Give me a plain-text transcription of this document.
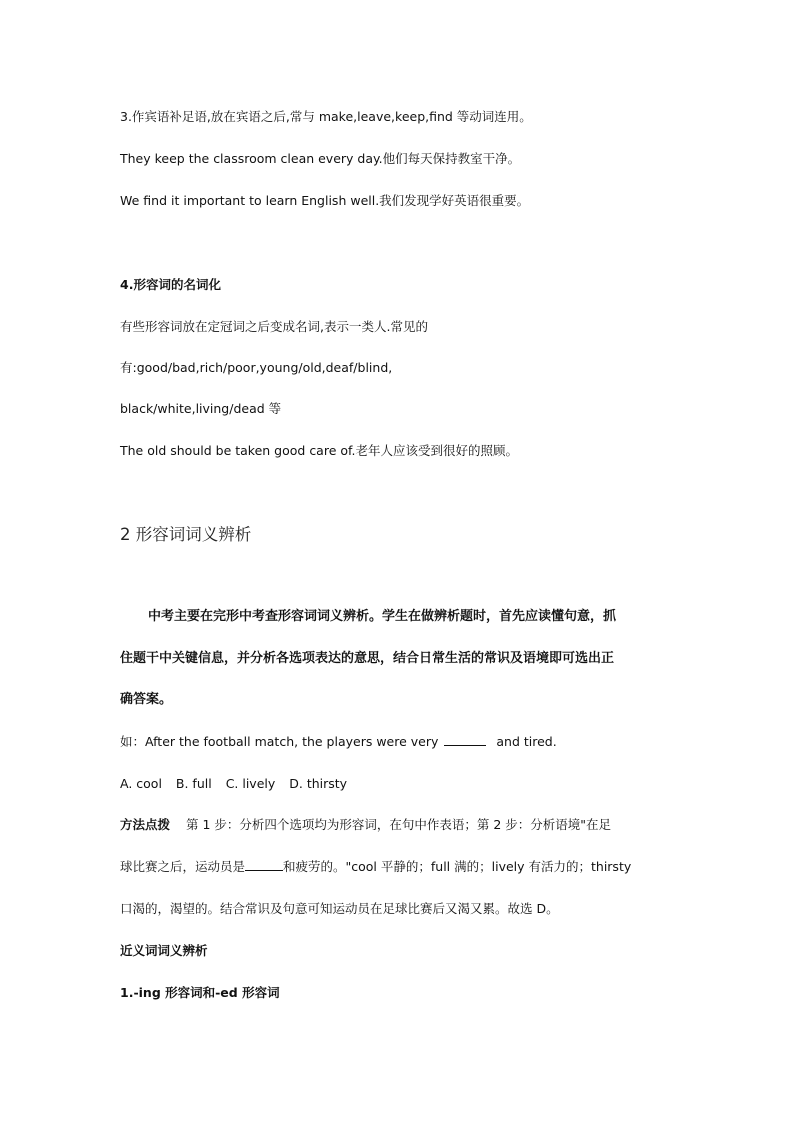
3.作宾语补足语,放在宾语之后,常与 make,leave,keep,find 等动词连用。
They keep the classroom clean every day.他们每天保持教室干净。
We find it important to learn English well.我们发现学好英语很重要。
4.形容词的名词化
有些形容词放在定冠词之后变成名词,表示一类人.常见的
有:good/bad,rich/poor,young/old,deaf/blind,
black/white,living/dead 等
The old should be taken good care of.老年人应该受到很好的照顾。
2 形容词词义辨析
中考主要在完形中考查形容词词义辨析。学生在做辨析题时，首先应读懂句意，抓
住题干中关键信息，并分析各选项表达的意思，结合日常生活的常识及语境即可选出正
确答案。
如：After the football match, the players were very	and tired.
A. cool B. full C. lively D. thirsty
方法点拨 第 1 步：分析四个选项均为形容词，在句中作表语；第 2 步：分析语境"在足
球比赛之后，运动员是	和疲劳的。"cool 平静的；full 满的；lively 有活力的；thirsty
口渴的，渴望的。结合常识及句意可知运动员在足球比赛后又渴又累。故选 D。
近义词词义辨析
1.-ing 形容词和-ed 形容词
